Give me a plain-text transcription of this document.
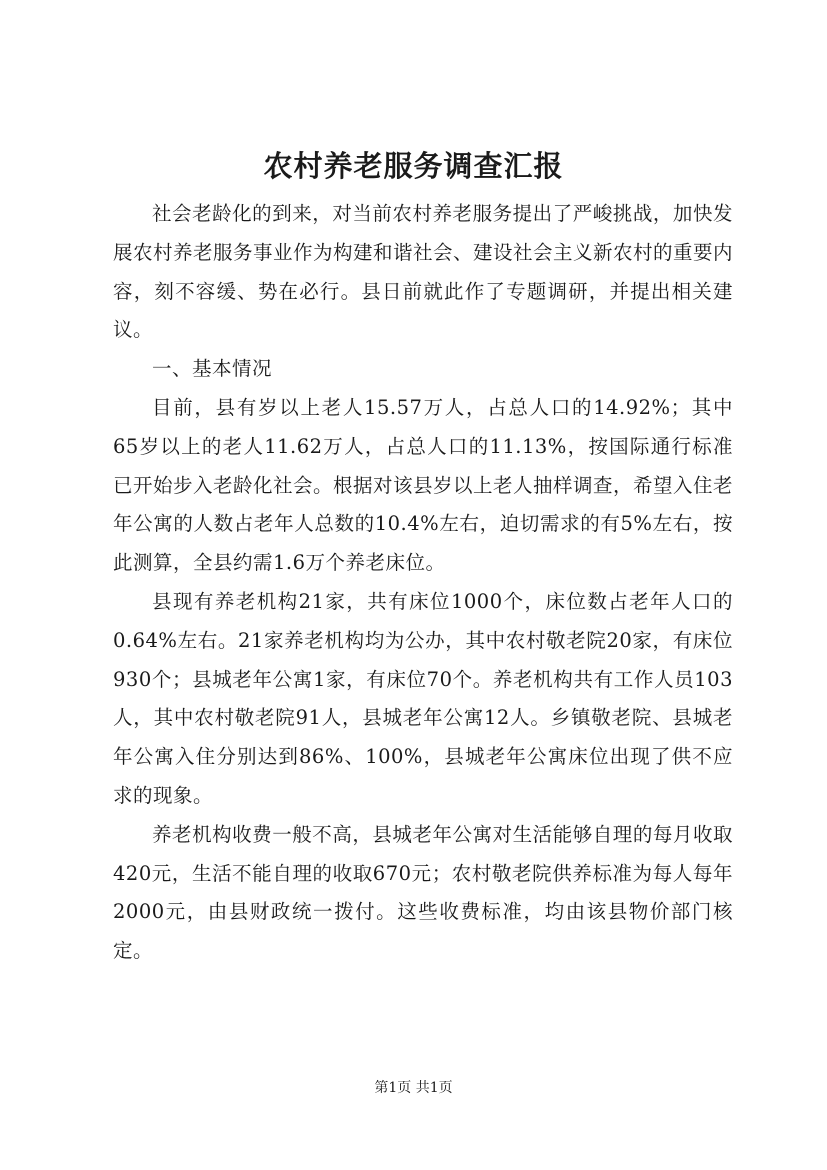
农村养老服务调查汇报

社会老龄化的到来，对当前农村养老服务提出了严峻挑战，加快发展农村养老服务事业作为构建和谐社会、建设社会主义新农村的重要内容，刻不容缓、势在必行。县日前就此作了专题调研，并提出相关建议。

一、基本情况

目前，县有岁以上老人15.57万人，占总人口的14.92%；其中65岁以上的老人11.62万人，占总人口的11.13%，按国际通行标准已开始步入老龄化社会。根据对该县岁以上老人抽样调查，希望入住老年公寓的人数占老年人总数的10.4%左右，迫切需求的有5%左右，按此测算，全县约需1.6万个养老床位。

县现有养老机构21家，共有床位1000个，床位数占老年人口的0.64%左右。21家养老机构均为公办，其中农村敬老院20家，有床位930个；县城老年公寓1家，有床位70个。养老机构共有工作人员103人，其中农村敬老院91人，县城老年公寓12人。乡镇敬老院、县城老年公寓入住分别达到86%、100%，县城老年公寓床位出现了供不应求的现象。

养老机构收费一般不高，县城老年公寓对生活能够自理的每月收取420元，生活不能自理的收取670元；农村敬老院供养标准为每人每年2000元，由县财政统一拨付。这些收费标准，均由该县物价部门核定。

第1页 共1页
